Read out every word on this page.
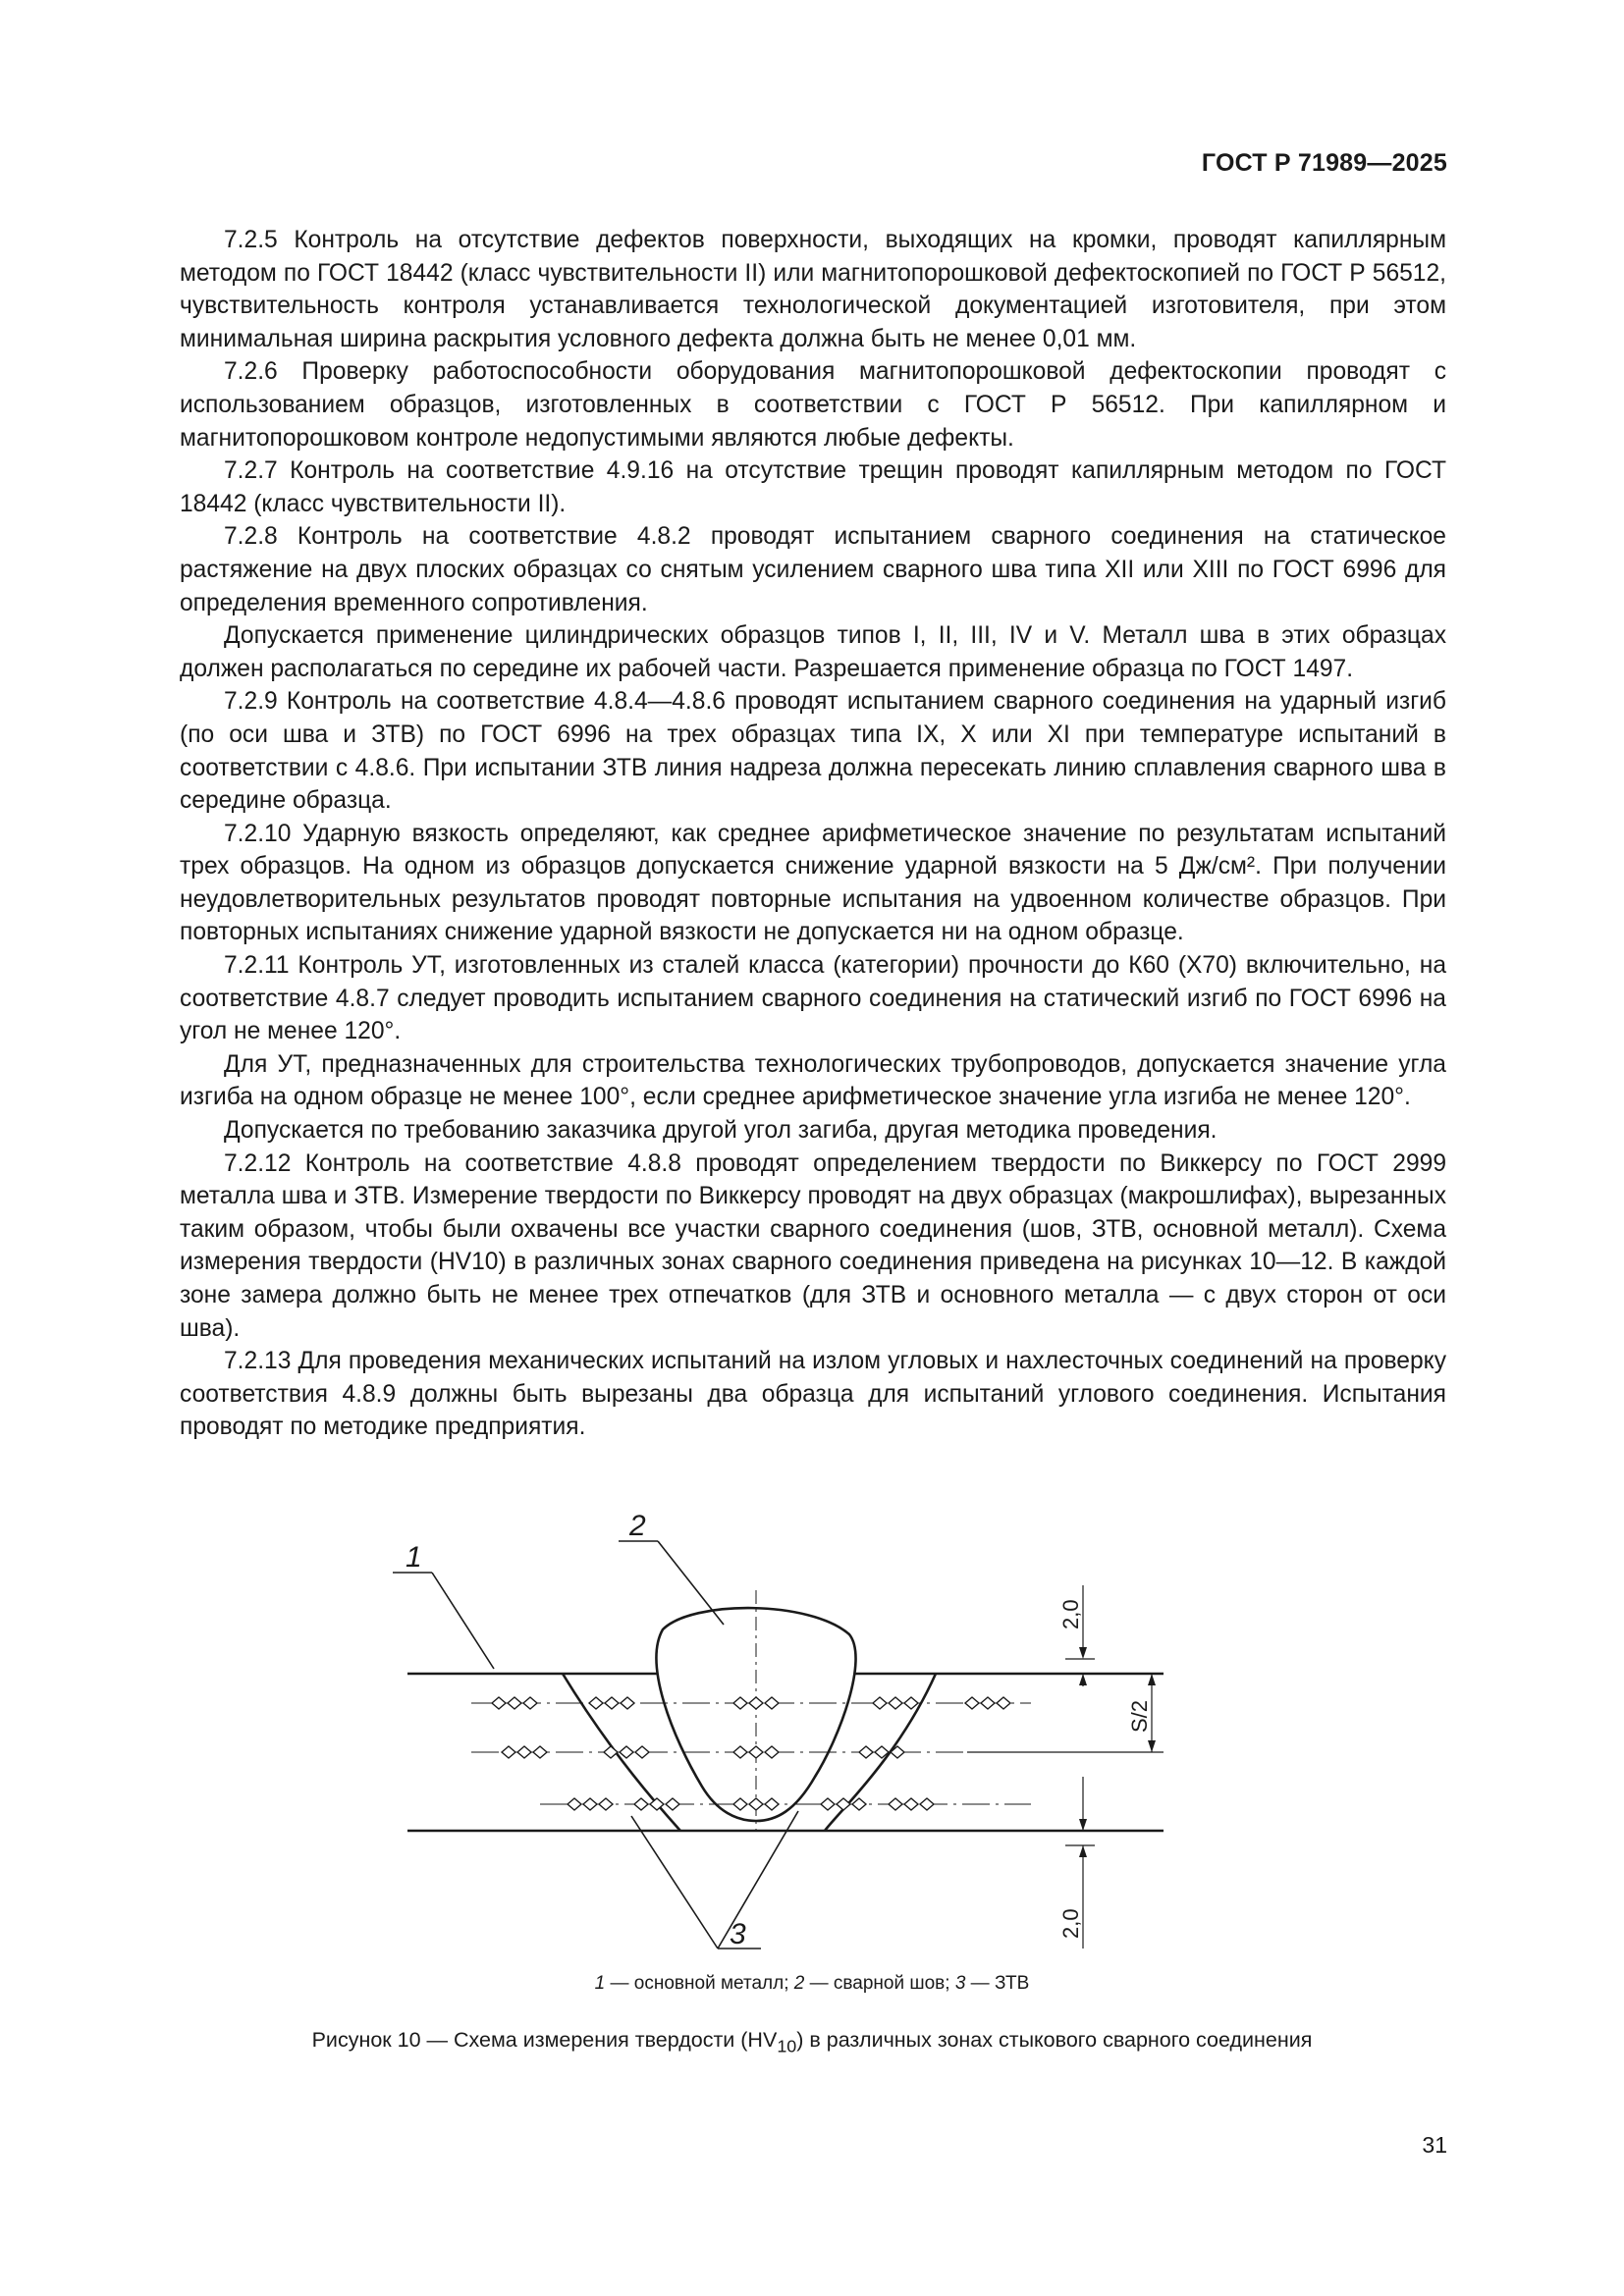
ГОСТ Р 71989—2025

7.2.5 Контроль на отсутствие дефектов поверхности, выходящих на кромки, проводят капиллярным методом по ГОСТ 18442 (класс чувствительности II) или магнитопорошковой дефектоскопией по ГОСТ Р 56512, чувствительность контроля устанавливается технологической документацией изготовителя, при этом минимальная ширина раскрытия условного дефекта должна быть не менее 0,01 мм.

7.2.6 Проверку работоспособности оборудования магнитопорошковой дефектоскопии проводят с использованием образцов, изготовленных в соответствии с ГОСТ Р 56512. При капиллярном и магнитопорошковом контроле недопустимыми являются любые дефекты.

7.2.7 Контроль на соответствие 4.9.16 на отсутствие трещин проводят капиллярным методом по ГОСТ 18442 (класс чувствительности II).

7.2.8 Контроль на соответствие 4.8.2 проводят испытанием сварного соединения на статическое растяжение на двух плоских образцах со снятым усилением сварного шва типа XII или XIII по ГОСТ 6996 для определения временного сопротивления.

Допускается применение цилиндрических образцов типов I, II, III, IV и V. Металл шва в этих образцах должен располагаться по середине их рабочей части. Разрешается применение образца по ГОСТ 1497.

7.2.9 Контроль на соответствие 4.8.4—4.8.6 проводят испытанием сварного соединения на ударный изгиб (по оси шва и ЗТВ) по ГОСТ 6996 на трех образцах типа IX, X или XI при температуре испытаний в соответствии с 4.8.6. При испытании ЗТВ линия надреза должна пересекать линию сплавления сварного шва в середине образца.

7.2.10 Ударную вязкость определяют, как среднее арифметическое значение по результатам испытаний трех образцов. На одном из образцов допускается снижение ударной вязкости на 5 Дж/см². При получении неудовлетворительных результатов проводят повторные испытания на удвоенном количестве образцов. При повторных испытаниях снижение ударной вязкости не допускается ни на одном образце.

7.2.11 Контроль УТ, изготовленных из сталей класса (категории) прочности до К60 (Х70) включительно, на соответствие 4.8.7 следует проводить испытанием сварного соединения на статический изгиб по ГОСТ 6996 на угол не менее 120°.

Для УТ, предназначенных для строительства технологических трубопроводов, допускается значение угла изгиба на одном образце не менее 100°, если среднее арифметическое значение угла изгиба не менее 120°.

Допускается по требованию заказчика другой угол загиба, другая методика проведения.

7.2.12 Контроль на соответствие 4.8.8 проводят определением твердости по Виккерсу по ГОСТ 2999 металла шва и ЗТВ. Измерение твердости по Виккерсу проводят на двух образцах (макрошлифах), вырезанных таким образом, чтобы были охвачены все участки сварного соединения (шов, ЗТВ, основной металл). Схема измерения твердости (HV10) в различных зонах сварного соединения приведена на рисунках 10—12. В каждой зоне замера должно быть не менее трех отпечатков (для ЗТВ и основного металла — с двух сторон от оси шва).

7.2.13 Для проведения механических испытаний на излом угловых и нахлесточных соединений на проверку соответствия 4.8.9 должны быть вырезаны два образца для испытаний углового соединения. Испытания проводят по методике предприятия.

1
2
3
2,0
S/2
2,0
1 — основной металл; 2 — сварной шов; 3 — ЗТВ
Рисунок 10 — Схема измерения твердости $(HV_{10})$ в различных зонах стыкового сварного соединения
31
